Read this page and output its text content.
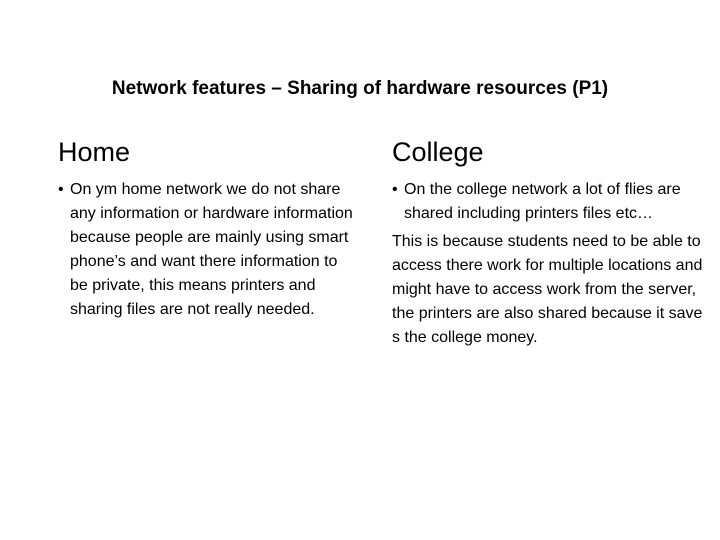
Network features – Sharing of hardware resources (P1)
Home
• On ym home network we do not share any information or hardware information because people are mainly using smart phone’s and want there information to be private, this means printers and sharing files are not really needed.
College
• On the college network a lot of flies are shared including printers files etc…
This is because students need to be able to access there work for multiple locations and might have to access work from the server, the printers are also shared because it save s the college money.
